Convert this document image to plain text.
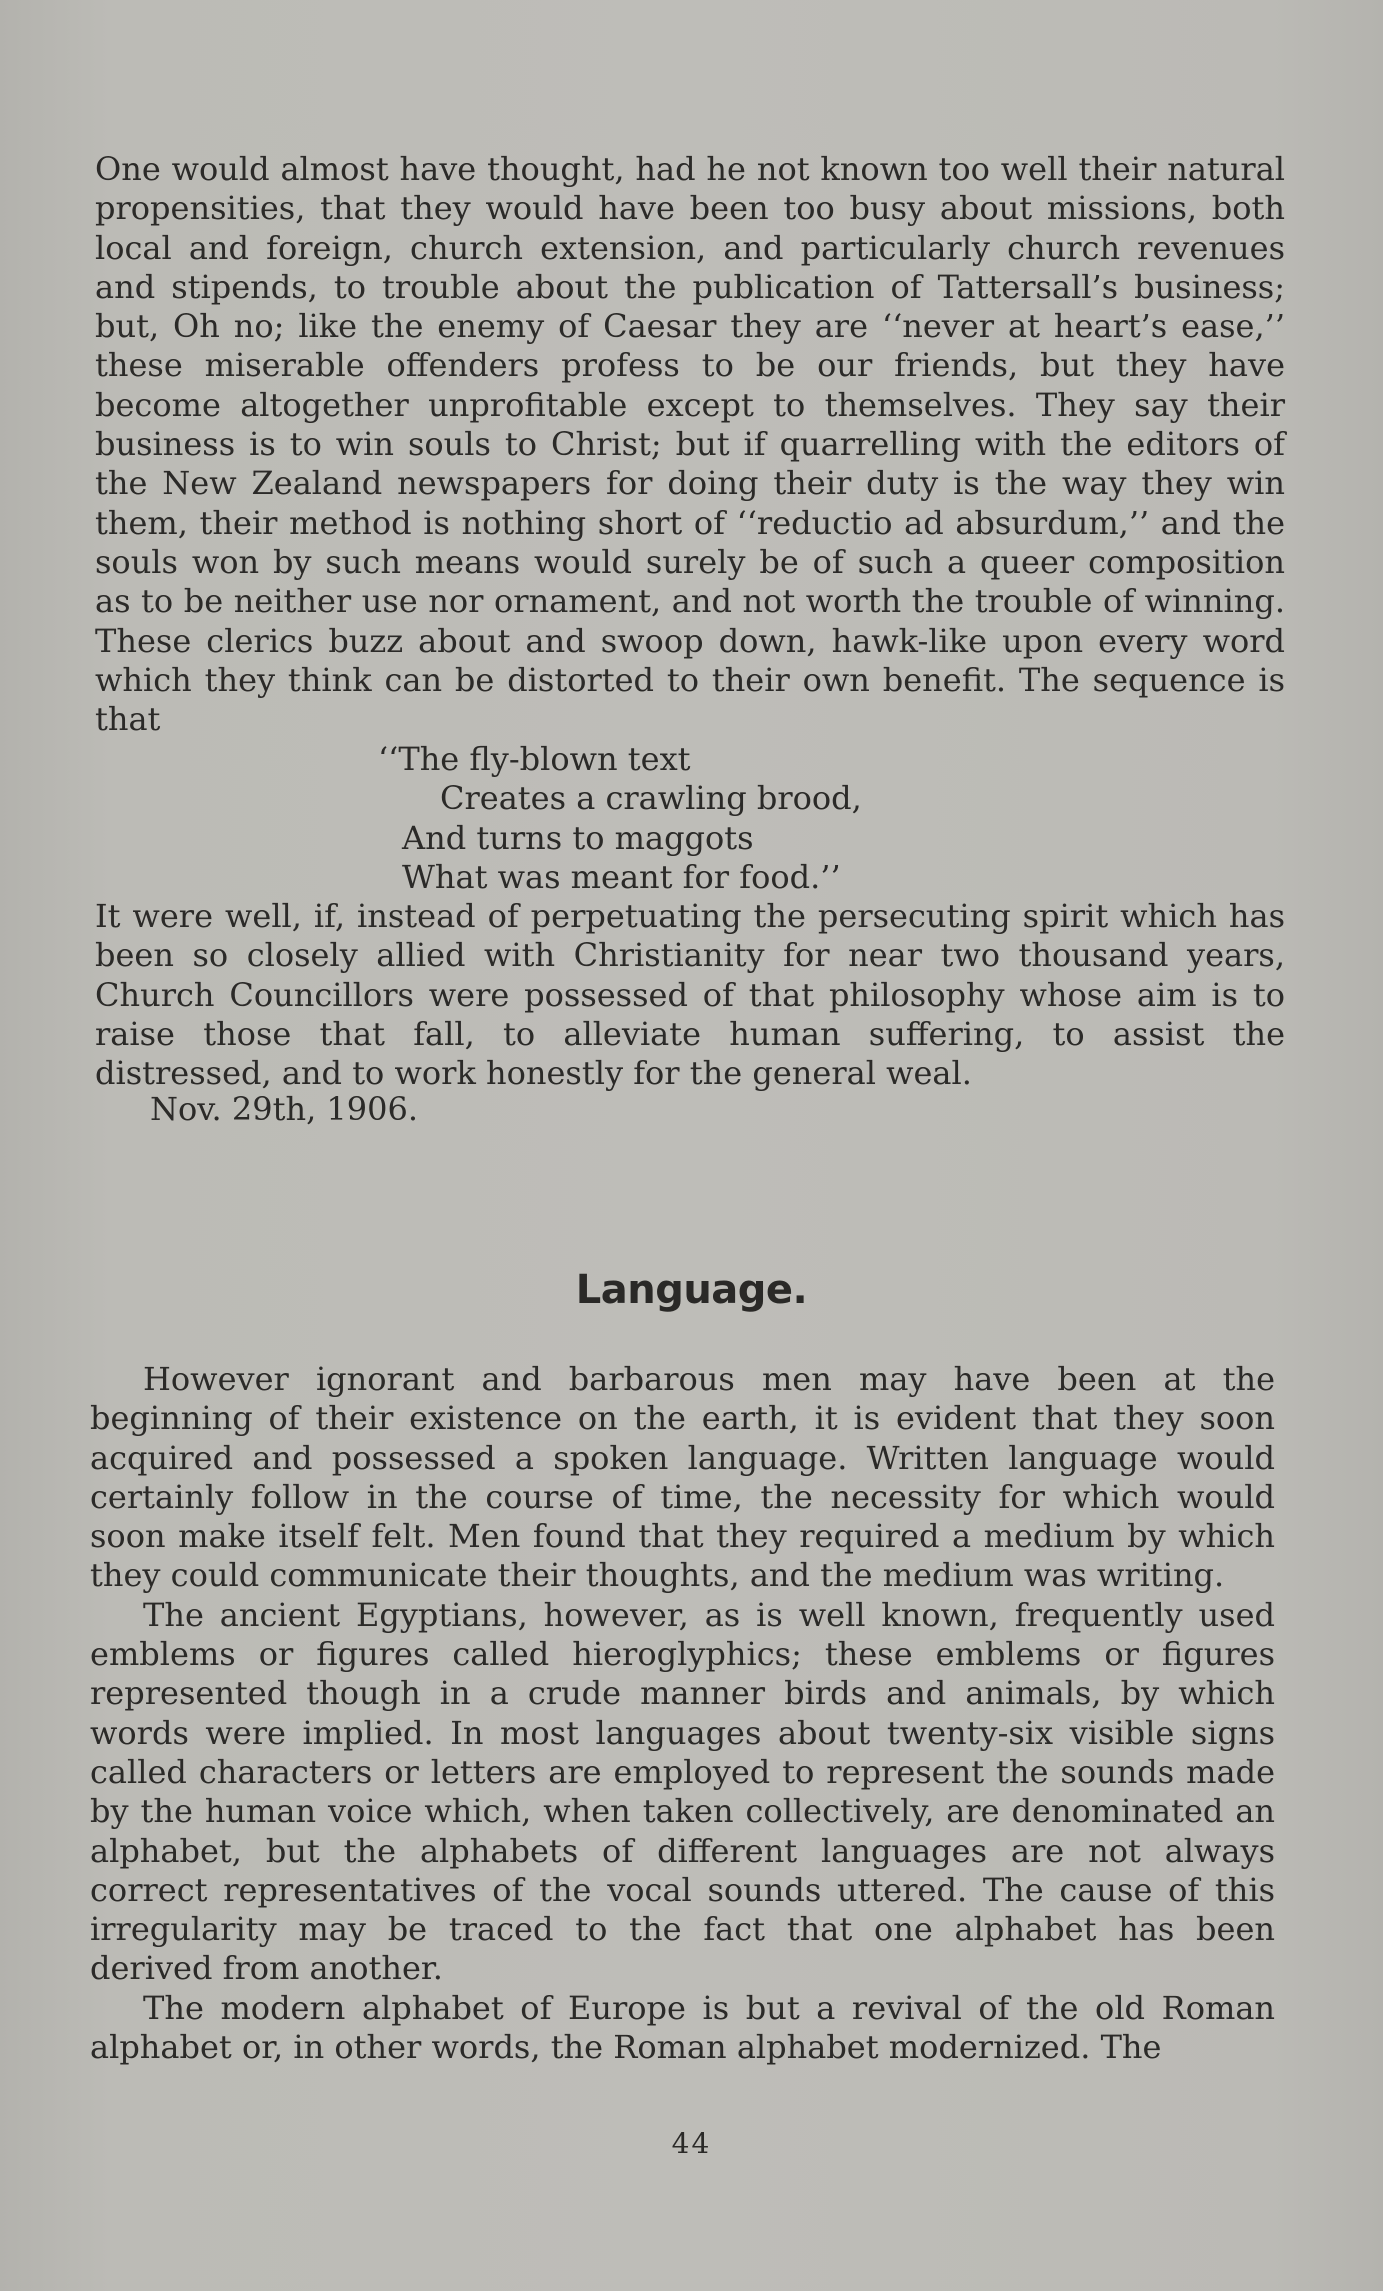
One would almost have thought, had he not known too well their natural propensities, that they would have been too busy about missions, both local and foreign, church extension, and particularly church revenues and stipends, to trouble about the publication of Tattersall’s business; but, Oh no; like the enemy of Caesar they are ‘‘never at heart’s ease,’’ these miserable offenders profess to be our friends, but they have become altogether unprofitable except to themselves. They say their business is to win souls to Christ; but if quarrelling with the editors of the New Zealand newspapers for doing their duty is the way they win them, their method is nothing short of ‘‘reductio ad absurdum,’’ and the souls won by such means would surely be of such a queer composition as to be neither use nor ornament, and not worth the trouble of winning. These clerics buzz about and swoop down, hawk-like upon every word which they think can be distorted to their own benefit. The sequence is that

‘‘The fly-blown text
Creates a crawling brood,
And turns to maggots
What was meant for food.’’

It were well, if, instead of perpetuating the persecuting spirit which has been so closely allied with Christianity for near two thousand years, Church Councillors were possessed of that philosophy whose aim is to raise those that fall, to alleviate human suffering, to assist the distressed, and to work honestly for the general weal.

Nov. 29th, 1906.
Language.

However ignorant and barbarous men may have been at the beginning of their existence on the earth, it is evident that they soon acquired and possessed a spoken language. Written language would certainly follow in the course of time, the necessity for which would soon make itself felt. Men found that they required a medium by which they could communicate their thoughts, and the medium was writing.

The ancient Egyptians, however, as is well known, frequently used emblems or figures called hieroglyphics; these emblems or figures represented though in a crude manner birds and animals, by which words were implied. In most languages about twenty-six visible signs called characters or letters are employed to represent the sounds made by the human voice which, when taken collectively, are denominated an alphabet, but the alphabets of different languages are not always correct representatives of the vocal sounds uttered. The cause of this irregularity may be traced to the fact that one alphabet has been derived from another.

The modern alphabet of Europe is but a revival of the old Roman alphabet or, in other words, the Roman alphabet modernized. The

44
